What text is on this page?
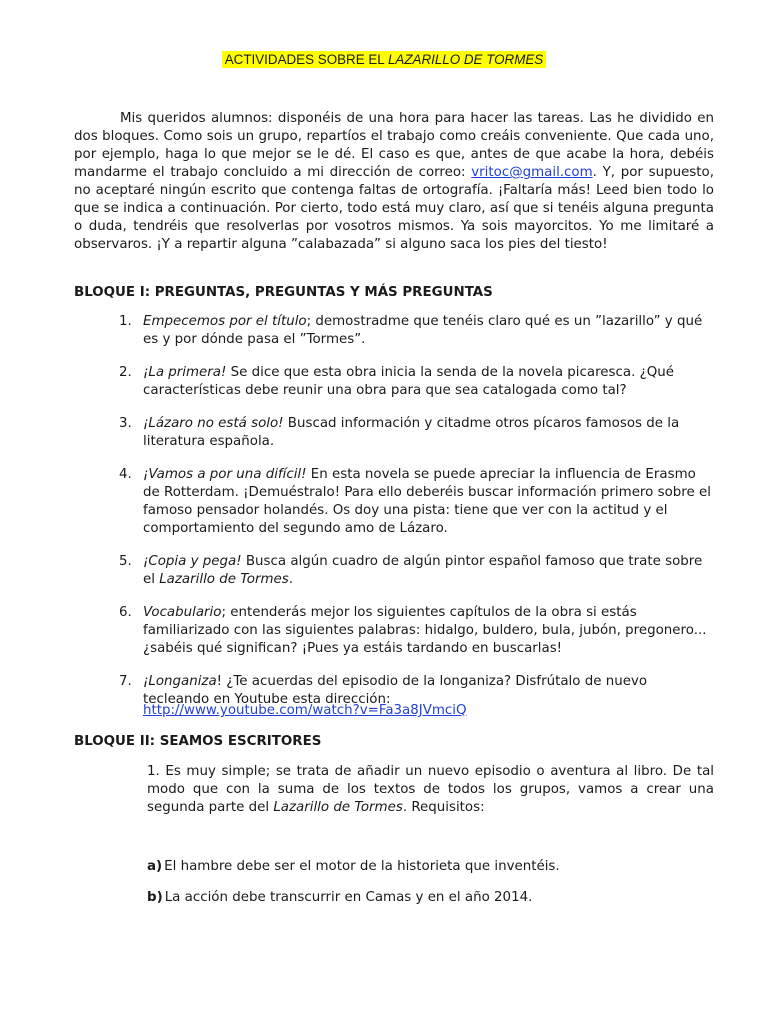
ACTIVIDADES SOBRE EL LAZARILLO DE TORMES

Mis queridos alumnos: disponéis de una hora para hacer las tareas. Las he dividido en dos bloques. Como sois un grupo, repartíos el trabajo como creáis conveniente. Que cada uno, por ejemplo, haga lo que mejor se le dé. El caso es que, antes de que acabe la hora, debéis mandarme el trabajo concluido a mi dirección de correo: vritoc@gmail.com. Y, por supuesto, no aceptaré ningún escrito que contenga faltas de ortografía. ¡Faltaría más! Leed bien todo lo que se indica a continuación. Por cierto, todo está muy claro, así que si tenéis alguna pregunta o duda, tendréis que resolverlas por vosotros mismos. Ya sois mayorcitos. Yo me limitaré a observaros. ¡Y a repartir alguna ”calabazada” si alguno saca los pies del tiesto!

BLOQUE I: PREGUNTAS, PREGUNTAS Y MÁS PREGUNTAS
1. Empecemos por el título; demostradme que tenéis claro qué es un ”lazarillo” y qué es y por dónde pasa el ”Tormes”.

2. ¡La primera! Se dice que esta obra inicia la senda de la novela picaresca. ¿Qué características debe reunir una obra para que sea catalogada como tal?

3. ¡Lázaro no está solo! Buscad información y citadme otros pícaros famosos de la literatura española.

4. ¡Vamos a por una difícil! En esta novela se puede apreciar la influencia de Erasmo de Rotterdam. ¡Demuéstralo! Para ello deberéis buscar información primero sobre el famoso pensador holandés. Os doy una pista: tiene que ver con la actitud y el comportamiento del segundo amo de Lázaro.

5. ¡Copia y pega! Busca algún cuadro de algún pintor español famoso que trate sobre el Lazarillo de Tormes.

6. Vocabulario; entenderás mejor los siguientes capítulos de la obra si estás familiarizado con las siguientes palabras: hidalgo, buldero, bula, jubón, pregonero... ¿sabéis qué significan? ¡Pues ya estáis tardando en buscarlas!

7. ¡Longaniza! ¿Te acuerdas del episodio de la longaniza? Disfrútalo de nuevo tecleando en Youtube esta dirección:

http://www.youtube.com/watch?v=Fa3a8JVmciQ
BLOQUE II: SEAMOS ESCRITORES

1. Es muy simple; se trata de añadir un nuevo episodio o aventura al libro. De tal modo que con la suma de los textos de todos los grupos, vamos a crear una segunda parte del Lazarillo de Tormes. Requisitos:

a) El hambre debe ser el motor de la historieta que inventéis.

b) La acción debe transcurrir en Camas y en el año 2014.
